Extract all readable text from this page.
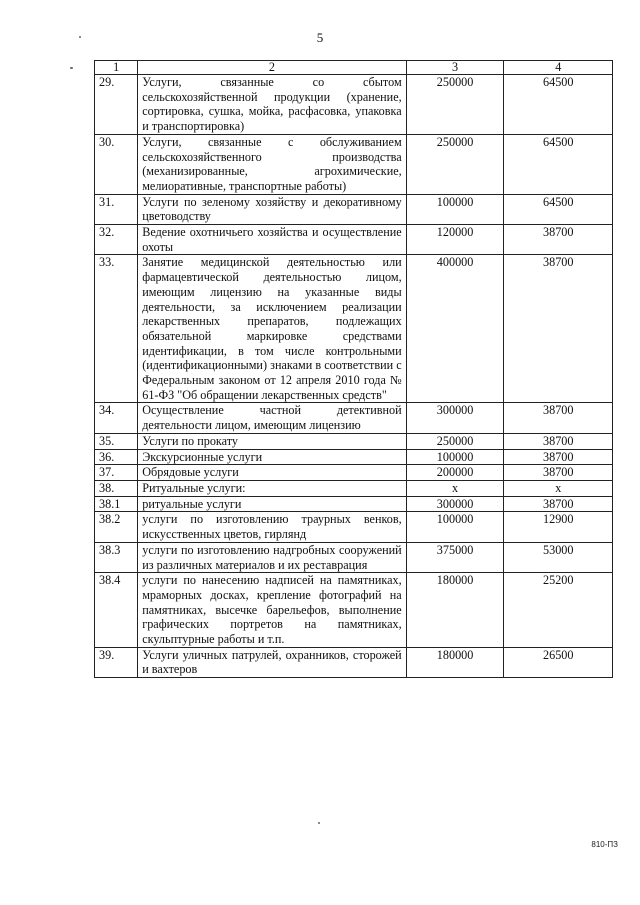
5
1	2	3	4
29.	Услуги, связанные со сбытом сельскохозяйственной продукции (хранение, сортировка, сушка, мойка, расфасовка, упаковка и транспортировка)	250000	64500
30.	Услуги, связанные с обслуживанием сельскохозяйственного производства (механизированные, агрохимические, мелиоративные, транспортные работы)	250000	64500
31.	Услуги по зеленому хозяйству и декоративному цветоводству	100000	64500
32.	Ведение охотничьего хозяйства и осуществление охоты	120000	38700
33.	Занятие медицинской деятельностью или фармацевтической деятельностью лицом, имеющим лицензию на указанные виды деятельности, за исключением реализации лекарственных препаратов, подлежащих обязательной маркировке средствами идентификации, в том числе контрольными (идентификационными) знаками в соответствии с Федеральным законом от 12 апреля 2010 года № 61-ФЗ "Об обращении лекарственных средств"	400000	38700
34.	Осуществление частной детективной деятельности лицом, имеющим лицензию	300000	38700
35.	Услуги по прокату	250000	38700
36.	Экскурсионные услуги	100000	38700
37.	Обрядовые услуги	200000	38700
38.	Ритуальные услуги:	x	x
38.1	ритуальные услуги	300000	38700
38.2	услуги по изготовлению траурных венков, искусственных цветов, гирлянд	100000	12900
38.3	услуги по изготовлению надгробных сооружений из различных материалов и их реставрация	375000	53000
38.4	услуги по нанесению надписей на памятниках, мраморных досках, крепление фотографий на памятниках, высечке барельефов, выполнение графических портретов на памятниках, скульптурные работы и т.п.	180000	25200
39.	Услуги уличных патрулей, охранников, сторожей и вахтеров	180000	26500
810-ПЗ
